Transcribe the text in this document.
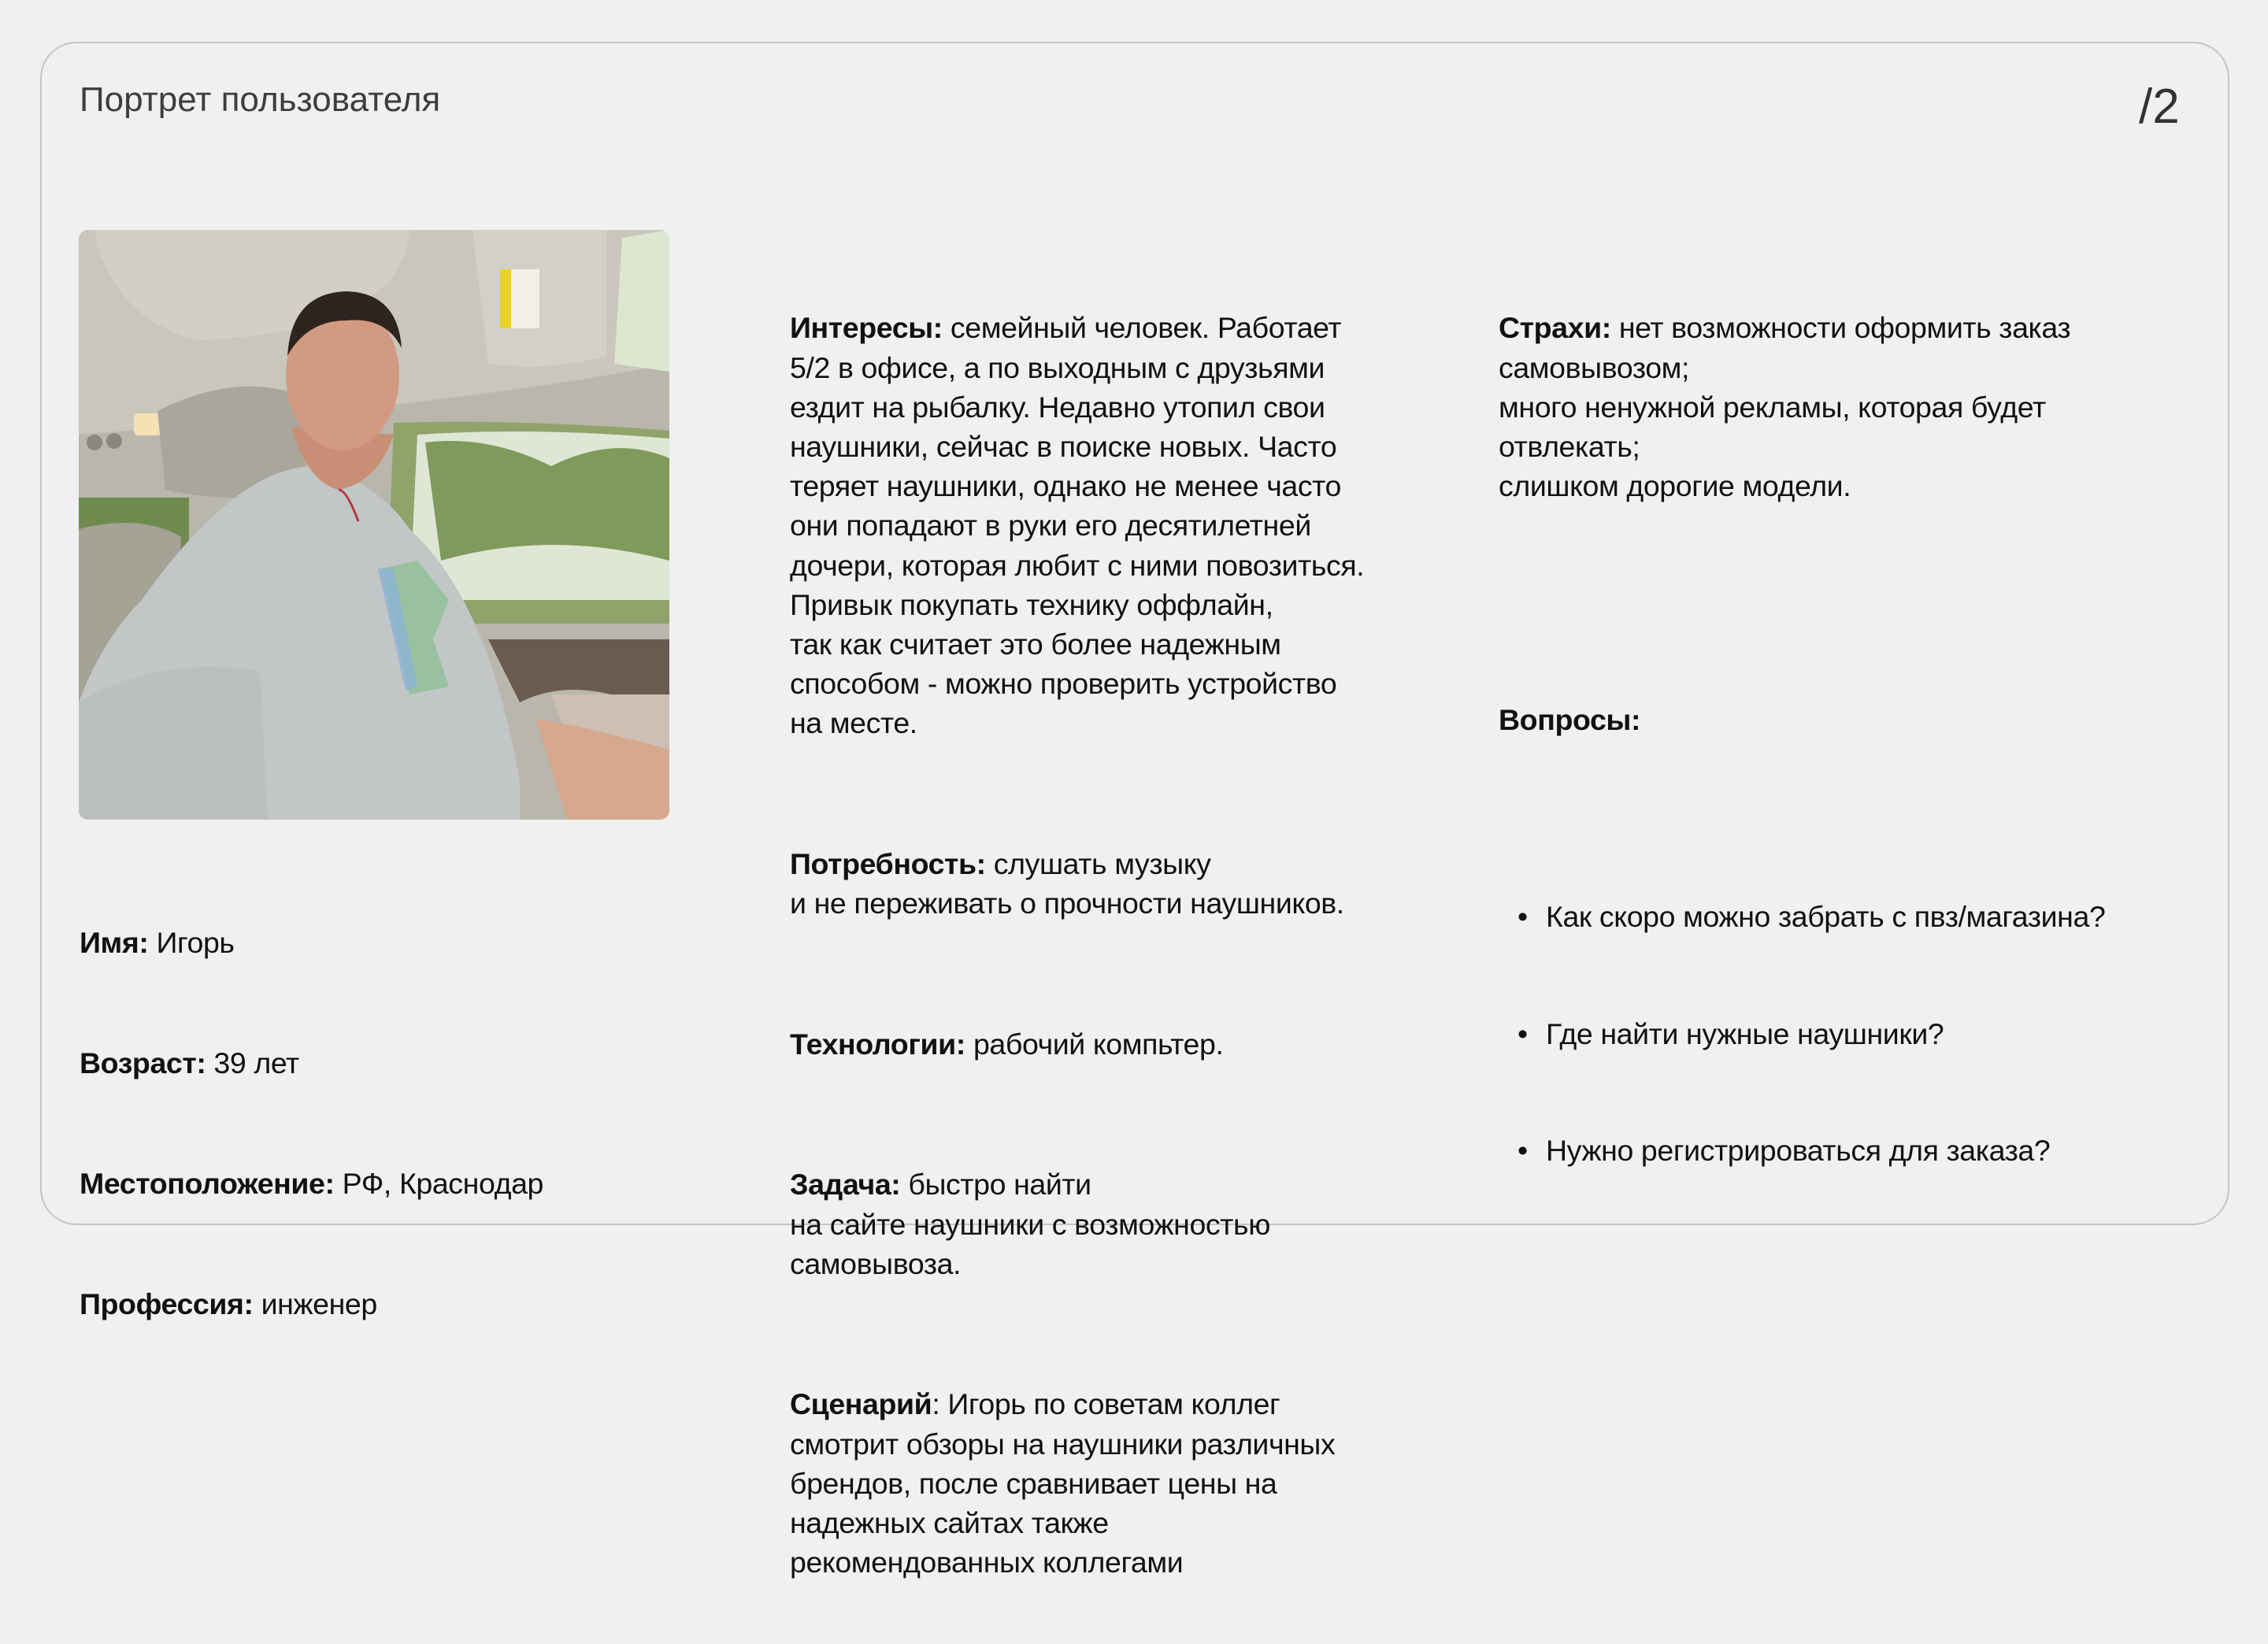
Портрет пользователя	/2

Имя: Игорь

Возраст: 39 лет

Местоположение: РФ, Краснодар

Профессия: инженер

Интересы: семейный человек. Работает
5/2 в офисе, а по выходным с друзьями
ездит на рыбалку. Недавно утопил свои
наушники, сейчас в поиске новых. Часто
теряет наушники, однако не менее часто
они попадают в руки его десятилетней
дочери, которая любит с ними повозиться.
Привык покупать технику оффлайн,
так как считает это более надежным
способом - можно проверить устройство
на месте.

Потребность: слушать музыку
и не переживать о прочности наушников.

Технологии: рабочий компьтер.

Задача: быстро найти
на сайте наушники с возможностью
самовывоза.

Сценарий: Игорь по советам коллег
смотрит обзоры на наушники различных
брендов, после сравнивает цены на
надежных сайтах также
рекомендованных коллегами

Страхи: нет возможности оформить заказ
самовывозом;
много ненужной рекламы, которая будет
отвлекать;
слишком дорогие модели.

Вопросы:

• Как скоро можно забрать с пвз/магазина?

• Где найти нужные наушники?

• Нужно регистрироваться для заказа?
